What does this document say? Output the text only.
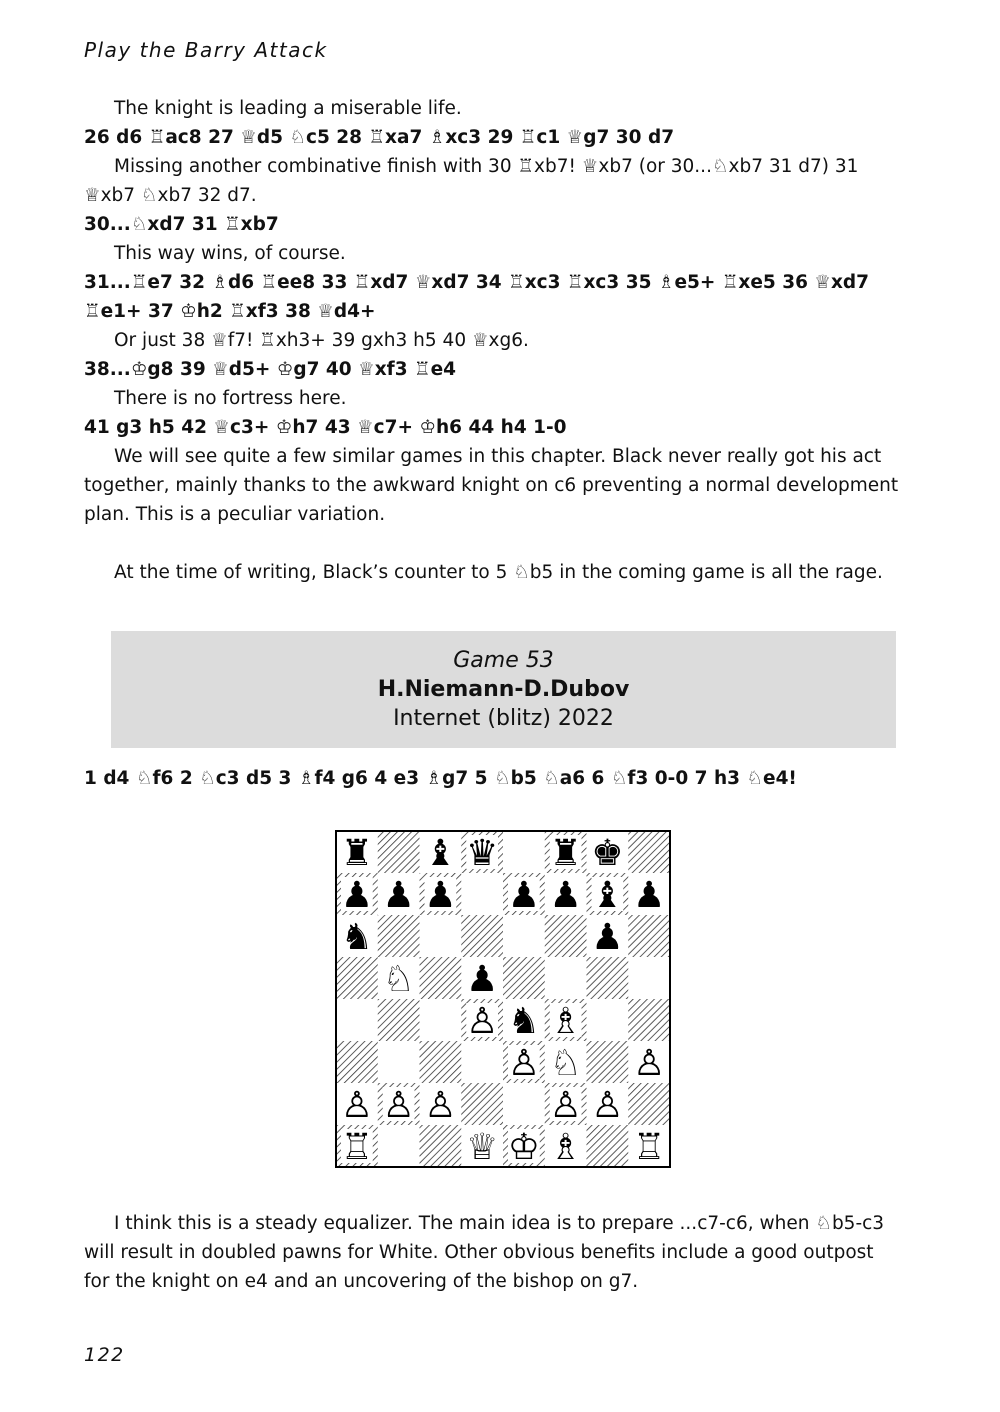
Play the Barry Attack

The knight is leading a miserable life.

26 d6 ♖ac8 27 ♕d5 ♘c5 28 ♖xa7 ♗xc3 29 ♖c1 ♕g7 30 d7

Missing another combinative finish with 30 ♖xb7! ♕xb7 (or 30...♘xb7 31 d7) 31 ♕xb7 ♘xb7 32 d7.

30...♘xd7 31 ♖xb7

This way wins, of course.

31...♖e7 32 ♗d6 ♖ee8 33 ♖xd7 ♕xd7 34 ♖xc3 ♖xc3 35 ♗e5+ ♖xe5 36 ♕xd7 ♖e1+ 37 ♔h2 ♖xf3 38 ♕d4+

Or just 38 ♕f7! ♖xh3+ 39 gxh3 h5 40 ♕xg6.

38...♔g8 39 ♕d5+ ♔g7 40 ♕xf3 ♖e4

There is no fortress here.

41 g3 h5 42 ♕c3+ ♔h7 43 ♕c7+ ♔h6 44 h4 1-0

We will see quite a few similar games in this chapter. Black never really got his act together, mainly thanks to the awkward knight on c6 preventing a normal development plan. This is a peculiar variation.

At the time of writing, Black’s counter to 5 ♘b5 in the coming game is all the rage.

Game 53
H.Niemann-D.Dubov
Internet (blitz) 2022

1 d4 ♘f6 2 ♘c3 d5 3 ♗f4 g6 4 e3 ♗g7 5 ♘b5 ♘a6 6 ♘f3 0-0 7 h3 ♘e4!

♜ ♝ ♛ ♜ ♚
♟ ♟ ♟ ♟ ♟ ♝ ♟
♞	♟
♘ ♟
♙ ♞ ♗
♙ ♘ ♙
♙ ♙ ♙	♙ ♙
♖	♕ ♔ ♗ ♖

I think this is a steady equalizer. The main idea is to prepare ...c7-c6, when ♘b5-c3 will result in doubled pawns for White. Other obvious benefits include a good outpost for the knight on e4 and an uncovering of the bishop on g7.

122
